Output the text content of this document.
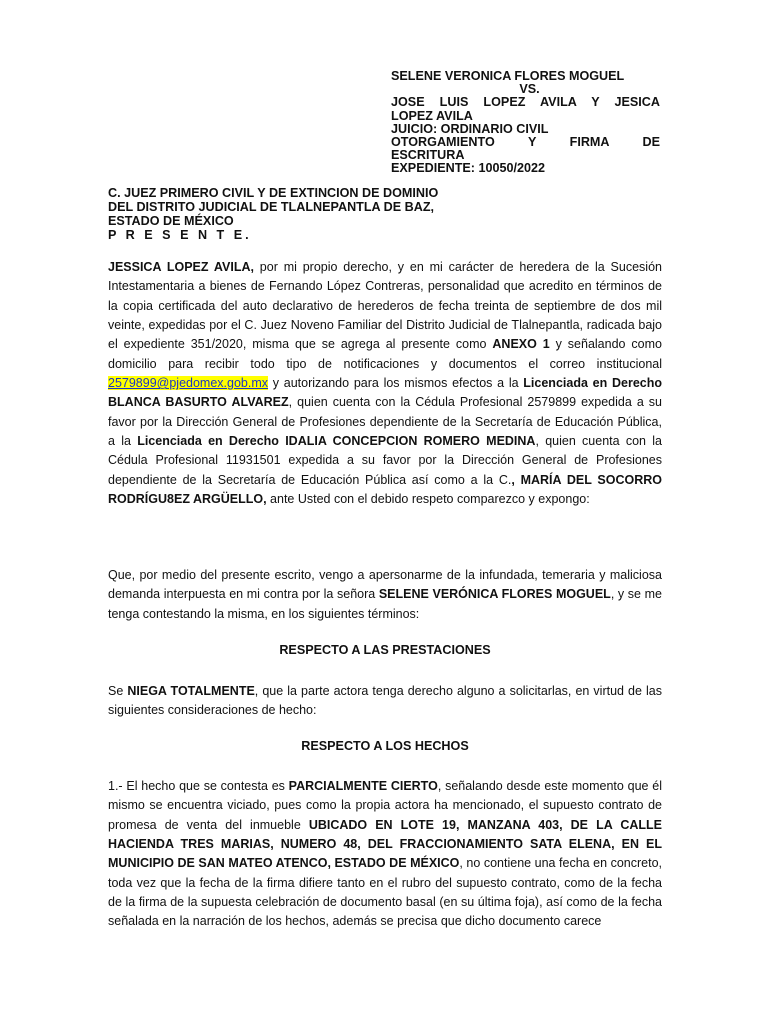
SELENE VERONICA FLORES MOGUEL
VS.
JOSE LUIS LOPEZ AVILA Y JESICA
LOPEZ AVILA
JUICIO: ORDINARIO CIVIL
OTORGAMIENTO Y FIRMA DE
ESCRITURA
EXPEDIENTE: 10050/2022
C. JUEZ PRIMERO CIVIL Y DE EXTINCION DE DOMINIO
DEL DISTRITO JUDICIAL DE TLALNEPANTLA DE BAZ,
ESTADO DE MÉXICO
P R E S E N T E.
JESSICA LOPEZ AVILA, por mi propio derecho, y en mi carácter de heredera de la Sucesión Intestamentaria a bienes de Fernando López Contreras, personalidad que acredito en términos de la copia certificada del auto declarativo de herederos de fecha treinta de septiembre de dos mil veinte, expedidas por el C. Juez Noveno Familiar del Distrito Judicial de Tlalnepantla, radicada bajo el expediente 351/2020, misma que se agrega al presente como ANEXO 1 y señalando como domicilio para recibir todo tipo de notificaciones y documentos el correo institucional 2579899@pjedomex.gob.mx y autorizando para los mismos efectos a la Licenciada en Derecho BLANCA BASURTO ALVAREZ, quien cuenta con la Cédula Profesional 2579899 expedida a su favor por la Dirección General de Profesiones dependiente de la Secretaría de Educación Pública, a la Licenciada en Derecho IDALIA CONCEPCION ROMERO MEDINA, quien cuenta con la Cédula Profesional 11931501 expedida a su favor por la Dirección General de Profesiones dependiente de la Secretaría de Educación Pública así como a la C., MARÍA DEL SOCORRO RODRÍGU8EZ ARGÜELLO, ante Usted con el debido respeto comparezco y expongo:
Que, por medio del presente escrito, vengo a apersonarme de la infundada, temeraria y maliciosa demanda interpuesta en mi contra por la señora SELENE VERÓNICA FLORES MOGUEL, y se me tenga contestando la misma, en los siguientes términos:
RESPECTO A LAS PRESTACIONES
Se NIEGA TOTALMENTE, que la parte actora tenga derecho alguno a solicitarlas, en virtud de las siguientes consideraciones de hecho:
RESPECTO A LOS HECHOS
1.- El hecho que se contesta es PARCIALMENTE CIERTO, señalando desde este momento que él mismo se encuentra viciado, pues como la propia actora ha mencionado, el supuesto contrato de promesa de venta del inmueble UBICADO EN LOTE 19, MANZANA 403, DE LA CALLE HACIENDA TRES MARIAS, NUMERO 48, DEL FRACCIONAMIENTO SATA ELENA, EN EL MUNICIPIO DE SAN MATEO ATENCO, ESTADO DE MÉXICO, no contiene una fecha en concreto, toda vez que la fecha de la firma difiere tanto en el rubro del supuesto contrato, como de la fecha de la firma de la supuesta celebración de documento basal (en su última foja), así como de la fecha señalada en la narración de los hechos, además se precisa que dicho documento carece
